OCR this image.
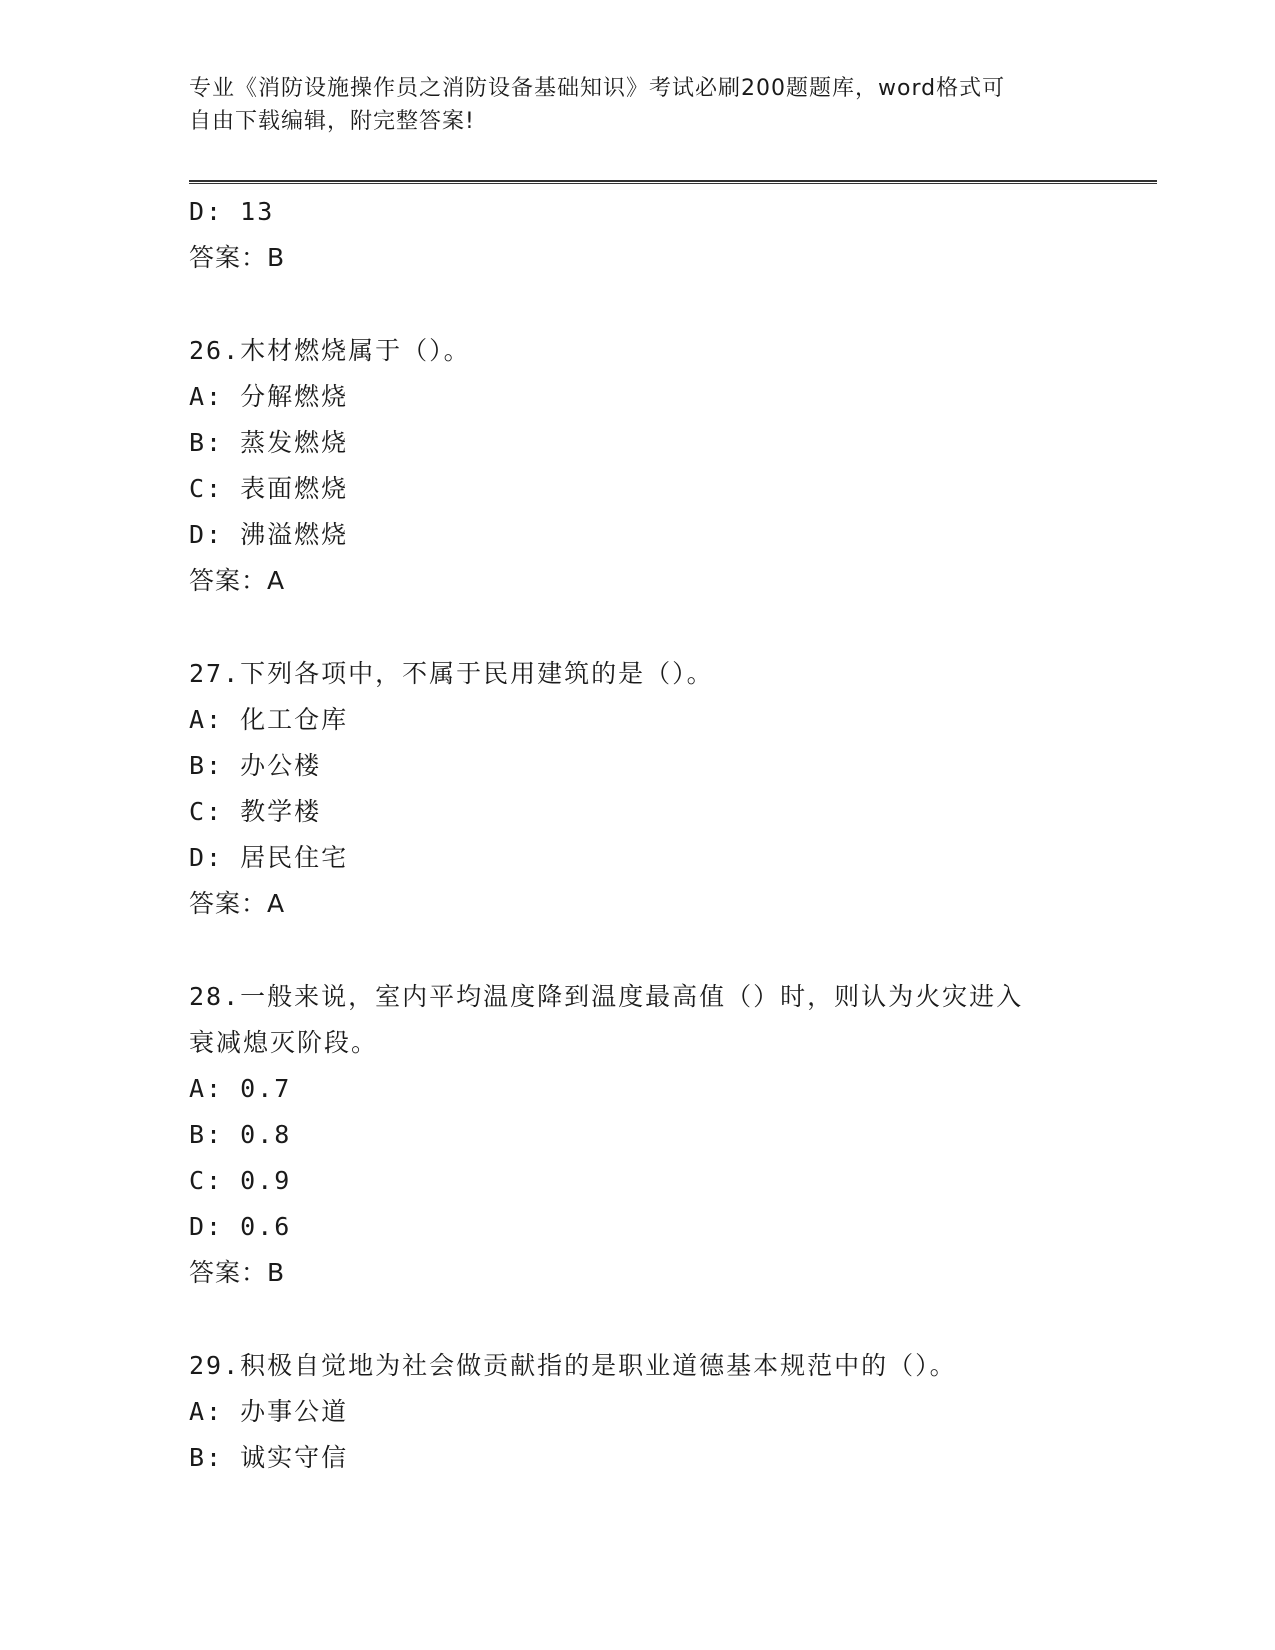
专业《消防设施操作员之消防设备基础知识》考试必刷200题题库，word格式可
自由下载编辑，附完整答案!
D: 13
答案：B
26.木材燃烧属于（）。
A: 分解燃烧
B: 蒸发燃烧
C: 表面燃烧
D: 沸溢燃烧
答案：A
27.下列各项中，不属于民用建筑的是（）。
A: 化工仓库
B: 办公楼
C: 教学楼
D: 居民住宅
答案：A
28.一般来说，室内平均温度降到温度最高值（）时，则认为火灾进入
衰减熄灭阶段。
A: 0.7
B: 0.8
C: 0.9
D: 0.6
答案：B
29.积极自觉地为社会做贡献指的是职业道德基本规范中的（）。
A: 办事公道
B: 诚实守信
